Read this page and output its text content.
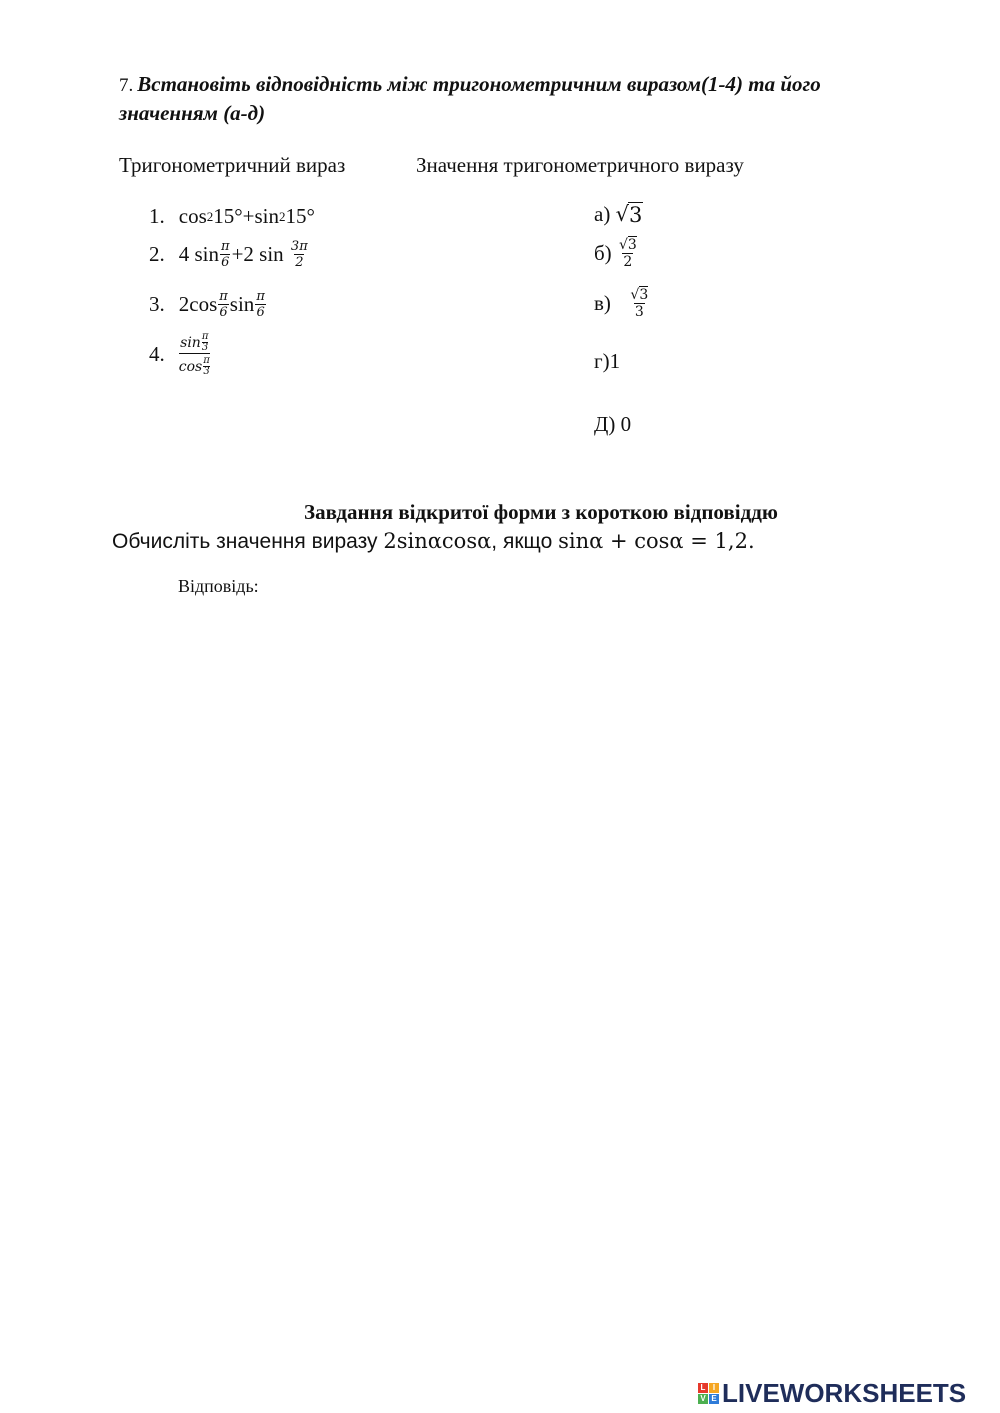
7. Встановіть відповідність між тригонометричним виразом(1-4) та його
значенням (а-д)
Тригонометричний вираз	Значення тригонометричного виразу
1. cos 2 15°+sin 2 15°
2. 4 $\sin \frac{\pi}{6} +2$ $\sin \frac{3\pi}{2}$
3. $2\cos \frac{\pi}{6}$ $\sin \frac{\pi}{6}$
4. $\frac{\sin \frac{\pi}{3}}{\cos \frac{\pi}{3}}$
а) √ 3
$б) \frac{√3}{2}$
$в) \frac{√3}{3}$
г)1
Д) 0
Завдання відкритої форми з короткою відповіддю
Обчисліть значення виразу 2sinαcosα, якщо sinα + cosα = 1,2.
Відповідь:
L I
V E LIVEWORKSHEETS
